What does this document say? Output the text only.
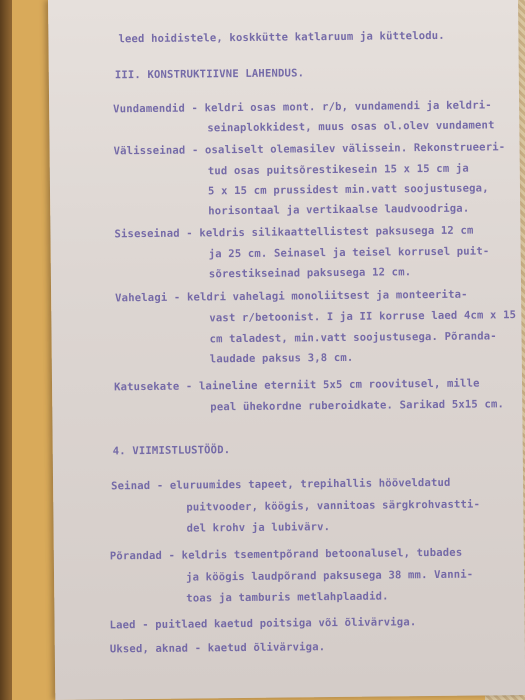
leed hoidistele, koskkütte katlaruum ja küttelodu.
III. KONSTRUKTIIVNE LAHENDUS.
Vundamendid - keldri osas mont. r/b, vundamendi ja keldri-
seinaplokkidest, muus osas ol.olev vundament
Välisseinad - osaliselt olemasilev välissein. Rekonstrueeri-
tud osas puitsõrestikesein 15 x 15 cm ja
5 x 15 cm prussidest min.vatt soojustusega,
horisontaal ja vertikaalse laudvoodriga.
Siseseinad - keldris silikaattellistest paksusega 12 cm
ja 25 cm. Seinasel ja teisel korrusel puit-
sõrestikseinad paksusega 12 cm.
Vahelagi - keldri vahelagi monoliitsest ja monteerita-
vast r/betoonist. I ja II korruse laed 4cm x 15
cm taladest, min.vatt soojustusega. Põranda-
laudade paksus 3,8 cm.
Katusekate - laineline eterniit 5x5 cm roovitusel, mille
peal ühekordne ruberoidkate. Sarikad 5x15 cm.
4. VIIMISTLUSTÖÖD.
Seinad - eluruumides tapeet, trepihallis hööveldatud
puitvooder, köögis, vannitoas särgkrohvastti-
del krohv ja lubivärv.
Põrandad - keldris tsementpõrand betoonalusel, tubades
ja köögis laudpõrand paksusega 38 mm. Vanni-
toas ja tamburis metlahplaadid.
Laed - puitlaed kaetud poitsiga või õlivärviga.
Uksed, aknad - kaetud õlivärviga.
